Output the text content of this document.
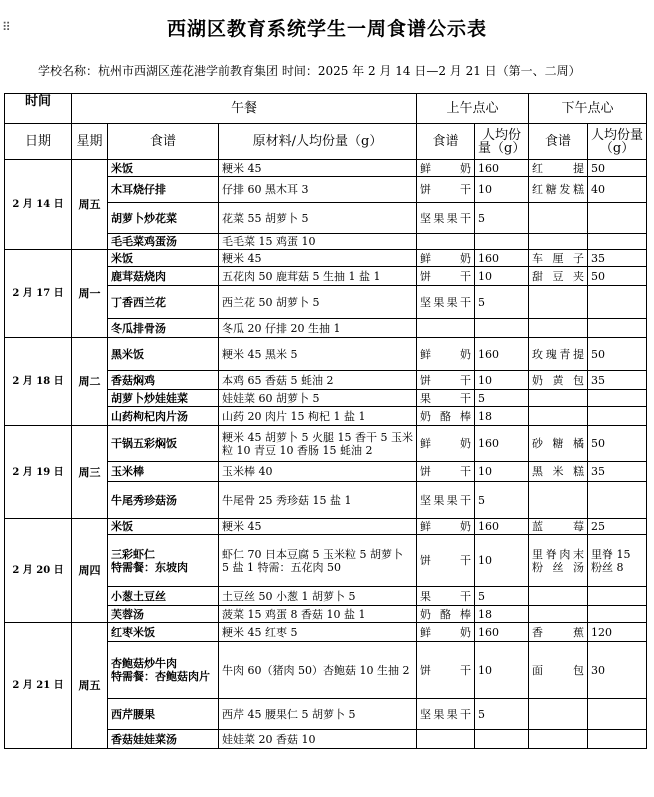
⠿	西湖区教育系统学生一周食谱公示表
学校名称：杭州市西湖区莲花港学前教育集团 时间：2025 年 2 月 14 日—2 月 21 日（第一、二周）
时间	午餐			上午点心		下午点心	
日期	星期	食谱	原材料/人均份量（g）	食谱	人均份量（g）	食谱	人均份量（g）
2 月 14 日	周五	米饭	粳米 45	鲜奶	160	红提	50
		木耳烧仔排	仔排 60 黑木耳 3	饼干	10	红糖发糕	40
		胡萝卜炒花菜	花菜 55 胡萝卜 5	坚果果干	5		
		毛毛菜鸡蛋汤	毛毛菜 15 鸡蛋 10				
2 月 17 日	周一	米饭	粳米 45	鲜奶	160	车厘子	35
		鹿茸菇烧肉	五花肉 50 鹿茸菇 5 生抽 1 盐 1	饼干	10	甜豆夹	50
		丁香西兰花	西兰花 50 胡萝卜 5	坚果果干	5		
		冬瓜排骨汤	冬瓜 20 仔排 20 生抽 1				
2 月 18 日	周二	黑米饭	粳米 45 黑米 5	鲜奶	160	玫瑰青提	50
		香菇焖鸡	本鸡 65 香菇 5 蚝油 2	饼干	10	奶黄包	35
		胡萝卜炒娃娃菜	娃娃菜 60 胡萝卜 5	果干	5		
		山药枸杞肉片汤	山药 20 肉片 15 枸杞 1 盐 1	奶酪棒	18		
2 月 19 日	周三	干锅五彩焖饭	粳米 45 胡萝卜 5 火腿 15 香干 5 玉米粒 10 青豆 10 香肠 15 蚝油 2	鲜奶	160	砂糖橘	50
		玉米棒	玉米棒 40	饼干	10	黑米糕	35
		牛尾秀珍菇汤	牛尾骨 25 秀珍菇 15 盐 1	坚果果干	5		
2 月 20 日	周四	米饭	粳米 45	鲜奶	160	蓝莓	25
		三彩虾仁
特需餐：东坡肉	虾仁 70 日本豆腐 5 玉米粒 5 胡萝卜 5 盐 1 特需：五花肉 50	饼干	10	里脊肉末粉丝汤	里脊 15 粉丝 8
		小葱土豆丝	土豆丝 50 小葱 1 胡萝卜 5	果干	5		
		芙蓉汤	菠菜 15 鸡蛋 8 香菇 10 盐 1	奶酪棒	18		
2 月 21 日	周五	红枣米饭	粳米 45 红枣 5	鲜奶	160	香蕉	120
		杏鲍菇炒牛肉
特需餐：杏鲍菇肉片	牛肉 60（猪肉 50）杏鲍菇 10 生抽 2	饼干	10	面包	30
		西芹腰果	西芹 45 腰果仁 5 胡萝卜 5	坚果果干	5		
		香菇娃娃菜汤	娃娃菜 20 香菇 10				
